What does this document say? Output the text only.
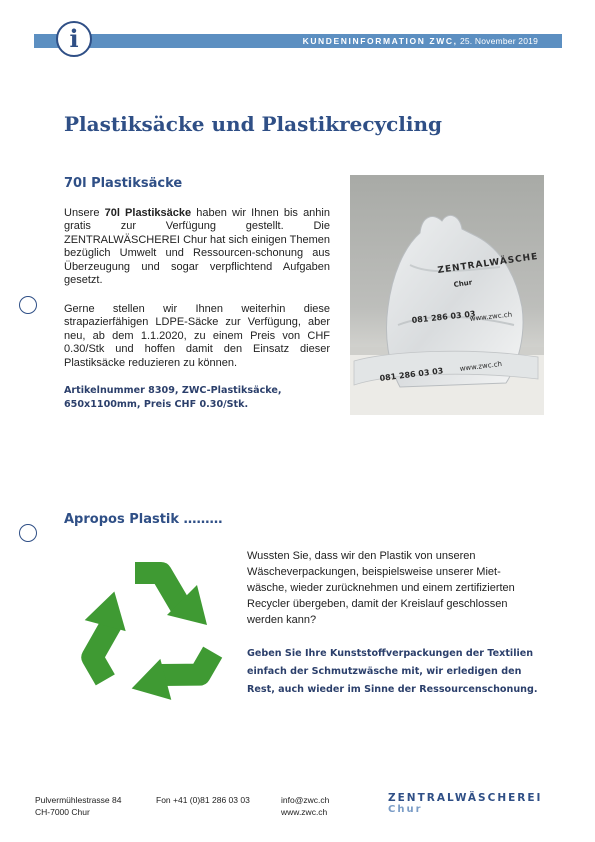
KUNDENINFORMATION ZWC, 25. November 2019
i
Plastiksäcke und Plastikrecycling
70l Plastiksäcke

Unsere 70l Plastiksäcke haben wir Ihnen bis anhin gratis zur Verfügung gestellt. Die ZENTRALWÄSCHEREI Chur hat sich einigen Themen bezüglich Umwelt und Ressourcen-schonung aus Überzeugung und sogar verpflichtend Aufgaben gesetzt.

Gerne stellen wir Ihnen weiterhin diese strapazierfähigen LDPE-Säcke zur Verfügung, aber neu, ab dem 1.1.2020, zu einem Preis von CHF 0.30/Stk und hoffen damit den Einsatz dieser Plastiksäcke reduzieren zu können.

Artikelnummer 8309, ZWC-Plastiksäcke, 650x1100mm, Preis CHF 0.30/Stk.

ZENTRALWÄSCHE
Chur
081 286 03 03
www.zwc.ch
081 286 03 03 www.zwc.ch
Apropos Plastik ………

Wussten Sie, dass wir den Plastik von unseren Wäscheverpackungen, beispielsweise unserer Miet-wäsche, wieder zurücknehmen und einem zertifizierten Recycler übergeben, damit der Kreislauf geschlossen werden kann?

Geben Sie Ihre Kunststoffverpackungen der Textilien einfach der Schmutzwäsche mit, wir erledigen den Rest, auch wieder im Sinne der Ressourcenschonung.

Pulvermühlestrasse 84
CH-7000 Chur

Fon +41 (0)81 286 03 03	info@zwc.ch
www.zwc.ch

ZENTRALWÄSCHEREI
Chur
